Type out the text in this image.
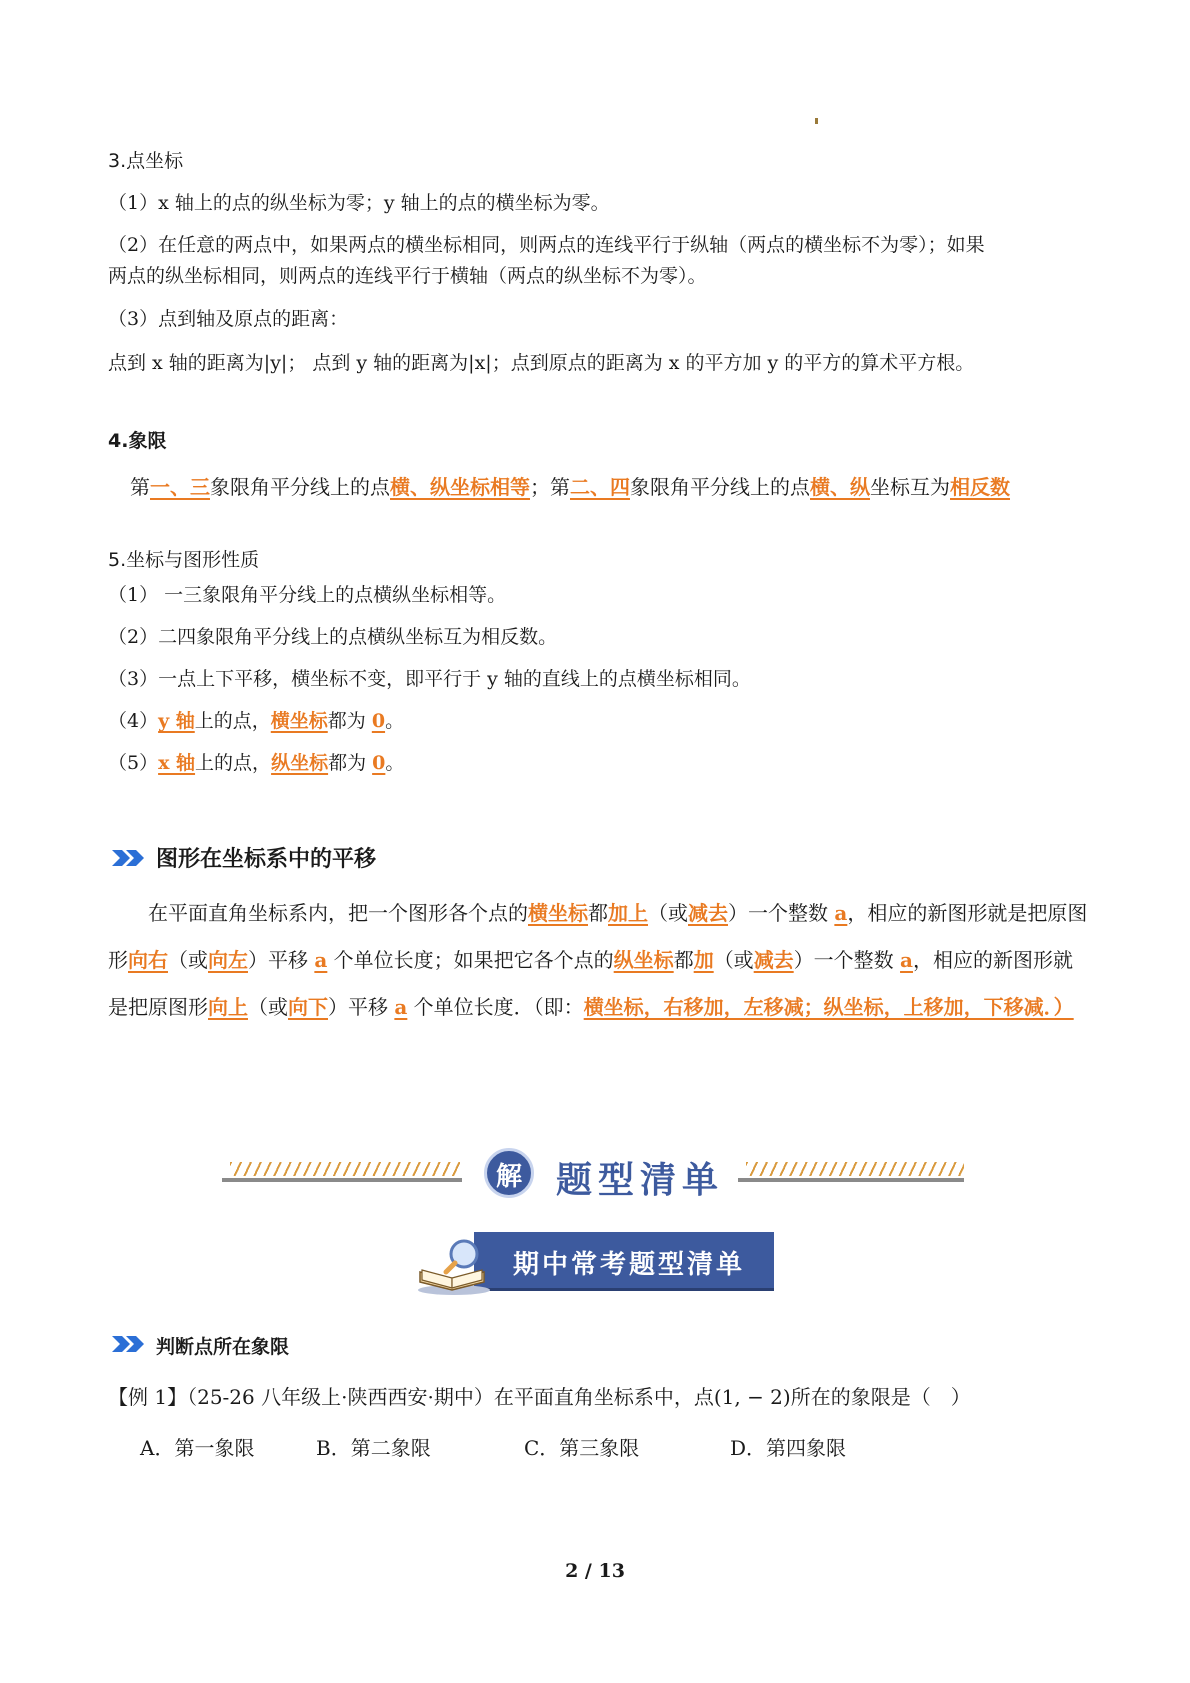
3.点坐标
（1）x 轴上的点的纵坐标为零；y 轴上的点的横坐标为零。
（2）在任意的两点中，如果两点的横坐标相同，则两点的连线平行于纵轴（两点的横坐标不为零）；如果
两点的纵坐标相同，则两点的连线平行于横轴（两点的纵坐标不为零）。
（3）点到轴及原点的距离：
点到 x 轴的距离为|y|； 点到 y 轴的距离为|x|；点到原点的距离为 x 的平方加 y 的平方的算术平方根。
4.象限
第一、三象限角平分线上的点横、纵坐标相等；第二、四象限角平分线上的点横、纵坐标互为相反数
5.坐标与图形性质
（1） 一三象限角平分线上的点横纵坐标相等。
（2）二四象限角平分线上的点横纵坐标互为相反数。
（3）一点上下平移，横坐标不变，即平行于 y 轴的直线上的点横坐标相同。
（4）y 轴上的点，横坐标都为 0。
（5）x 轴上的点，纵坐标都为 0。
图形在坐标系中的平移
　　在平面直角坐标系内，把一个图形各个点的横坐标都加上（或减去）一个整数 a，相应的新图形就是把原图形向右（或向左）平移 a 个单位长度；如果把它各个点的纵坐标都加（或减去）一个整数 a，相应的新图形就是把原图形向上（或向下）平移 a 个单位长度．（即：横坐标，右移加，左移减；纵坐标，上移加，下移减．）
解 题型清单
期中常考题型清单
判断点所在象限
【例 1】（25-26 八年级上·陕西西安·期中）在平面直角坐标系中，点(1, − 2)所在的象限是（　）
A．第一象限	B．第二象限	C．第三象限	D．第四象限
2 / 13
